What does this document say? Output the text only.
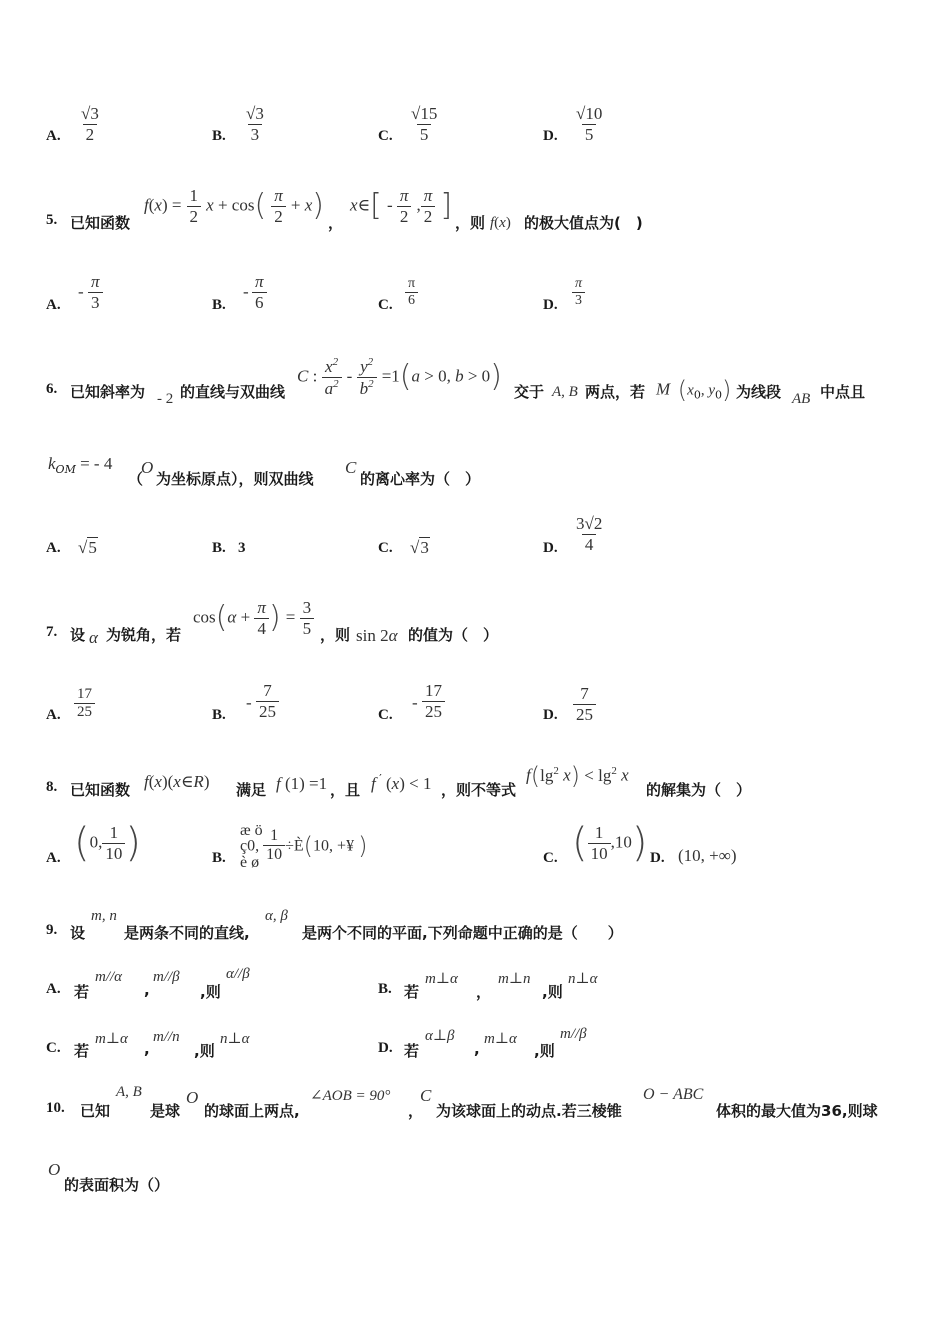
A. $\frac{√3}{2}$	B. $\frac{√3}{3}$	C. $\frac{√15}{5}$	D. $\frac{√10}{5}$
5. 已知函数
$f(x) = \frac{1}{2}$ $x + \cos( \frac{\pi}{2} + x)$ ，
x∈[ - $\frac{\pi}{2}$ , $\frac{\pi}{2}$ ] ，则 f(x) 的极大值点为(　)
A.
- $\frac{\pi}{3}$	B.
- $\frac{\pi}{6}$	C. $\frac{\pi}{6}$	D. $\frac{\pi}{3}$
6. 已知斜率为 - 2 的直线与双曲线
C : $\frac{x^2}{a^2} - \frac{y^2}{b^2} =1(a > 0$, b > 0) 交于 A, B 两点，若 M ($x_0$, $y_0$) 为线段 AB 中点且
$k_{OM}$ = - 4
（
O
为坐标原点），则双曲线
C
的离心率为（　）
A. √5	B. 3	C. √3	D. $\frac{3√2}{4}$
7. 设 α 为锐角，若
$\cos(\alpha + \frac{\pi}{4}$ ) = $\frac{3}{5}$ ，则 sin 2α 的值为（　）
A. $\frac{17}{25}$	B.
- $\frac{7}{25}$	C.
- $\frac{17}{25}$	D. $\frac{7}{25}$
8. 已知函数 f(x)(x∈R) 满足 f (1) =1 ，且 f ′ (x) < 1 ，则不等式
$f(\lg^2$ $x) < \lg^2 x$
的解集为（　）
A. (0, $\frac{1}{10}$ )	B.
æ ö
ç0, $\frac{1}{10}$ ÷È(10, +¥ )
è ø	C. ( $\frac{1}{10} ,10$) D. (10, +∞)
9. 设
m, n
是两条不同的直线,
α, β
是两个不同的平面,下列命题中正确的是（　　）
A. 若
m//α
,
m//β
,则
α//β
B. 若
m⊥α
，
m⊥n
,则
n⊥α
C. 若
m⊥α
,
m//n
,则
n⊥α
D. 若
α⊥β
,
m⊥α
,则
m//β
10. 已知
A, B
是球
O
的球面上两点,
∠AOB = 90°
，
C
为该球面上的动点.若三棱锥
O − ABC
体积的最大值为36,则球
O
的表面积为（）
